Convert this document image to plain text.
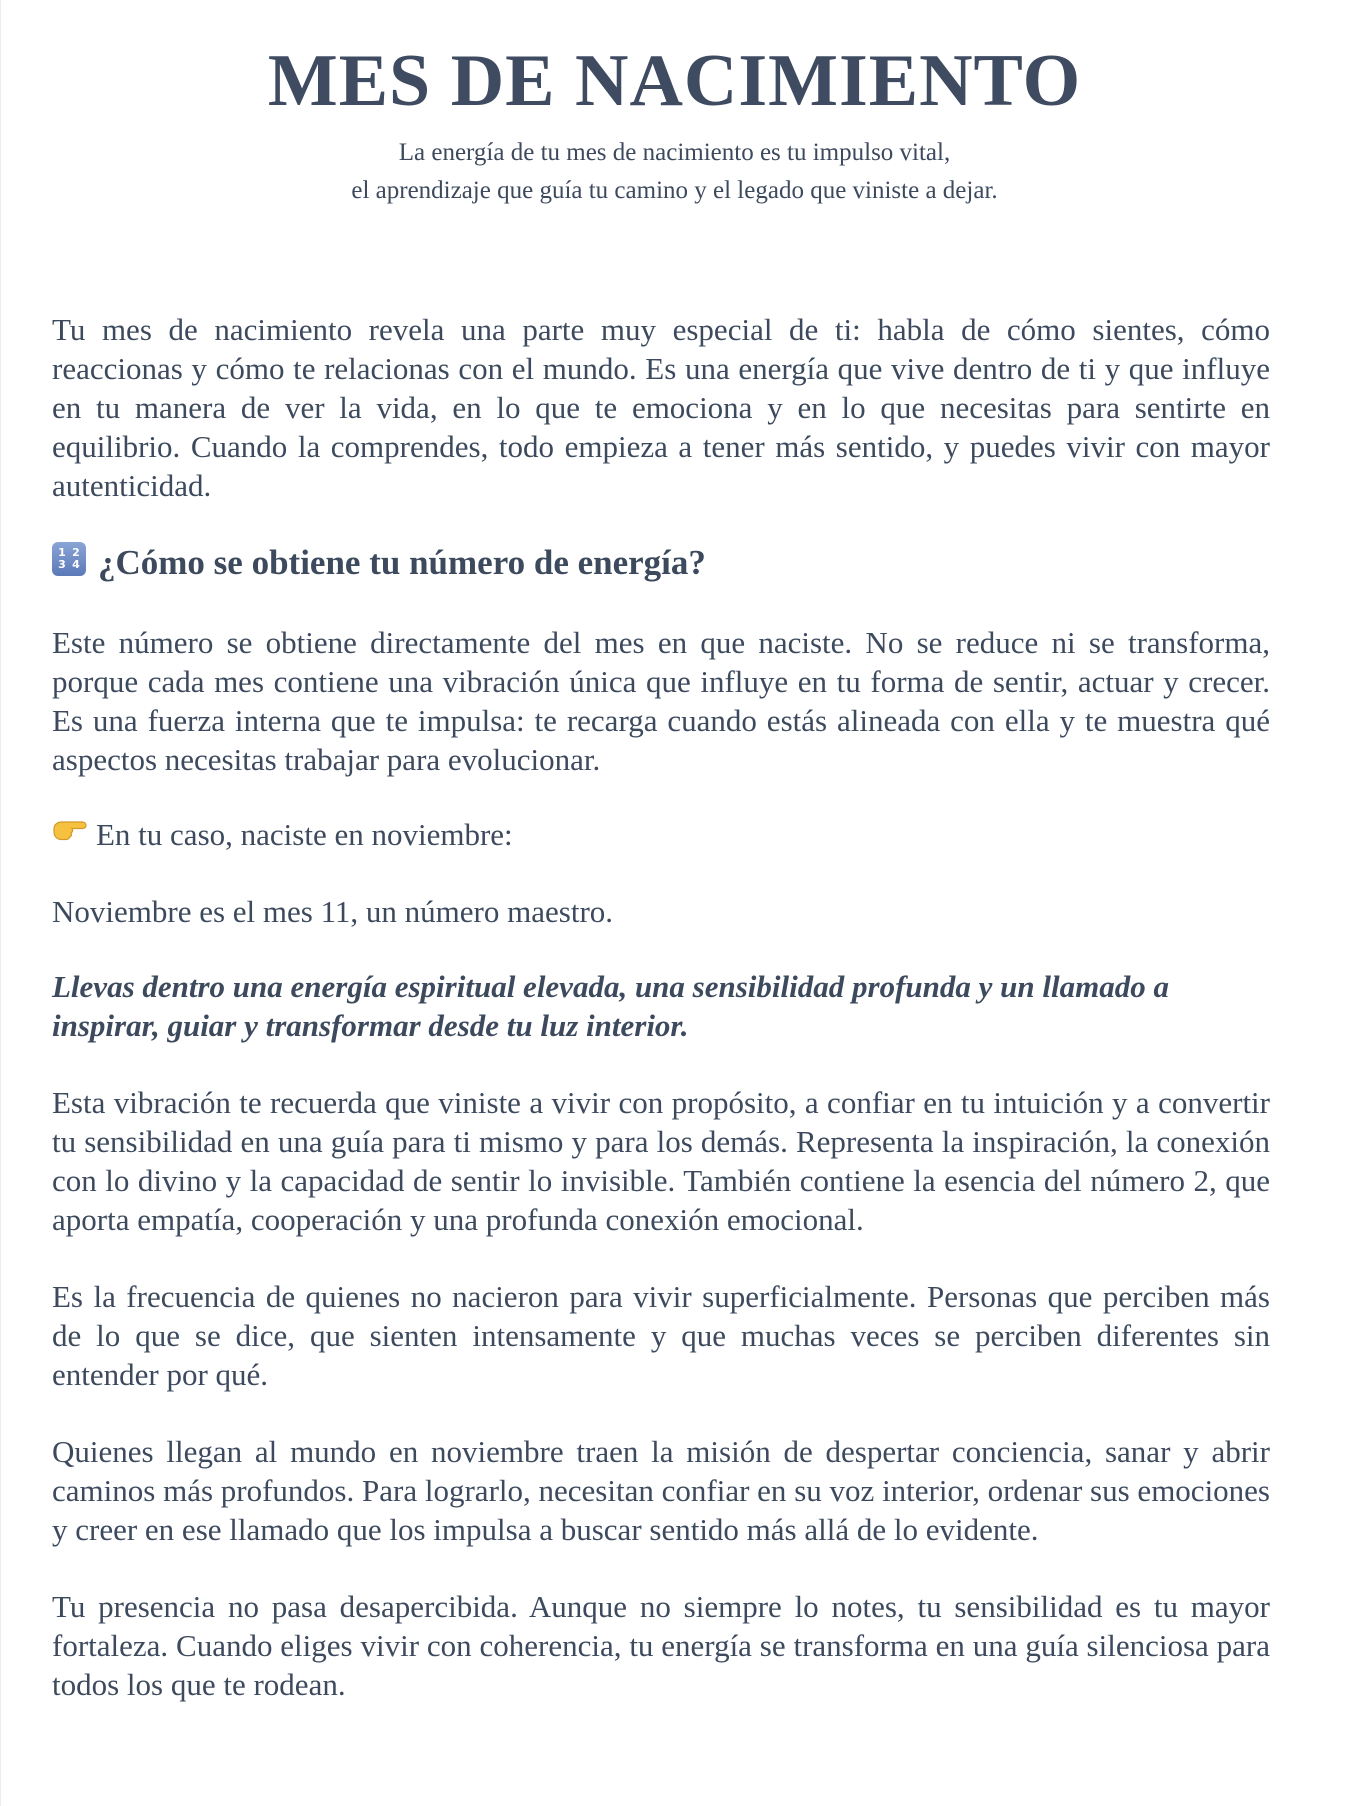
MES DE NACIMIENTO

La energía de tu mes de nacimiento es tu impulso vital,
el aprendizaje que guía tu camino y el legado que viniste a dejar.

Tu mes de nacimiento revela una parte muy especial de ti: habla de cómo sientes, cómo reaccionas y cómo te relacionas con el mundo. Es una energía que vive dentro de ti y que influye en tu manera de ver la vida, en lo que te emociona y en lo que necesitas para sentirte en equilibrio. Cuando la comprendes, todo empieza a tener más sentido, y puedes vivir con mayor autenticidad.

1 2
3 4 ¿Cómo se obtiene tu número de energía?

Este número se obtiene directamente del mes en que naciste. No se reduce ni se transforma, porque cada mes contiene una vibración única que influye en tu forma de sentir, actuar y crecer. Es una fuerza interna que te impulsa: te recarga cuando estás alineada con ella y te muestra qué aspectos necesitas trabajar para evolucionar.

En tu caso, naciste en noviembre:

Noviembre es el mes 11, un número maestro.

Llevas dentro una energía espiritual elevada, una sensibilidad profunda y un llamado a inspirar, guiar y transformar desde tu luz interior.

Esta vibración te recuerda que viniste a vivir con propósito, a confiar en tu intuición y a convertir tu sensibilidad en una guía para ti mismo y para los demás. Representa la inspiración, la conexión con lo divino y la capacidad de sentir lo invisible. También contiene la esencia del número 2, que aporta empatía, cooperación y una profunda conexión emocional.

Es la frecuencia de quienes no nacieron para vivir superficialmente. Personas que perciben más de lo que se dice, que sienten intensamente y que muchas veces se perciben diferentes sin entender por qué.

Quienes llegan al mundo en noviembre traen la misión de despertar conciencia, sanar y abrir caminos más profundos. Para lograrlo, necesitan confiar en su voz interior, ordenar sus emociones y creer en ese llamado que los impulsa a buscar sentido más allá de lo evidente.

Tu presencia no pasa desapercibida. Aunque no siempre lo notes, tu sensibilidad es tu mayor fortaleza. Cuando eliges vivir con coherencia, tu energía se transforma en una guía silenciosa para todos los que te rodean.
